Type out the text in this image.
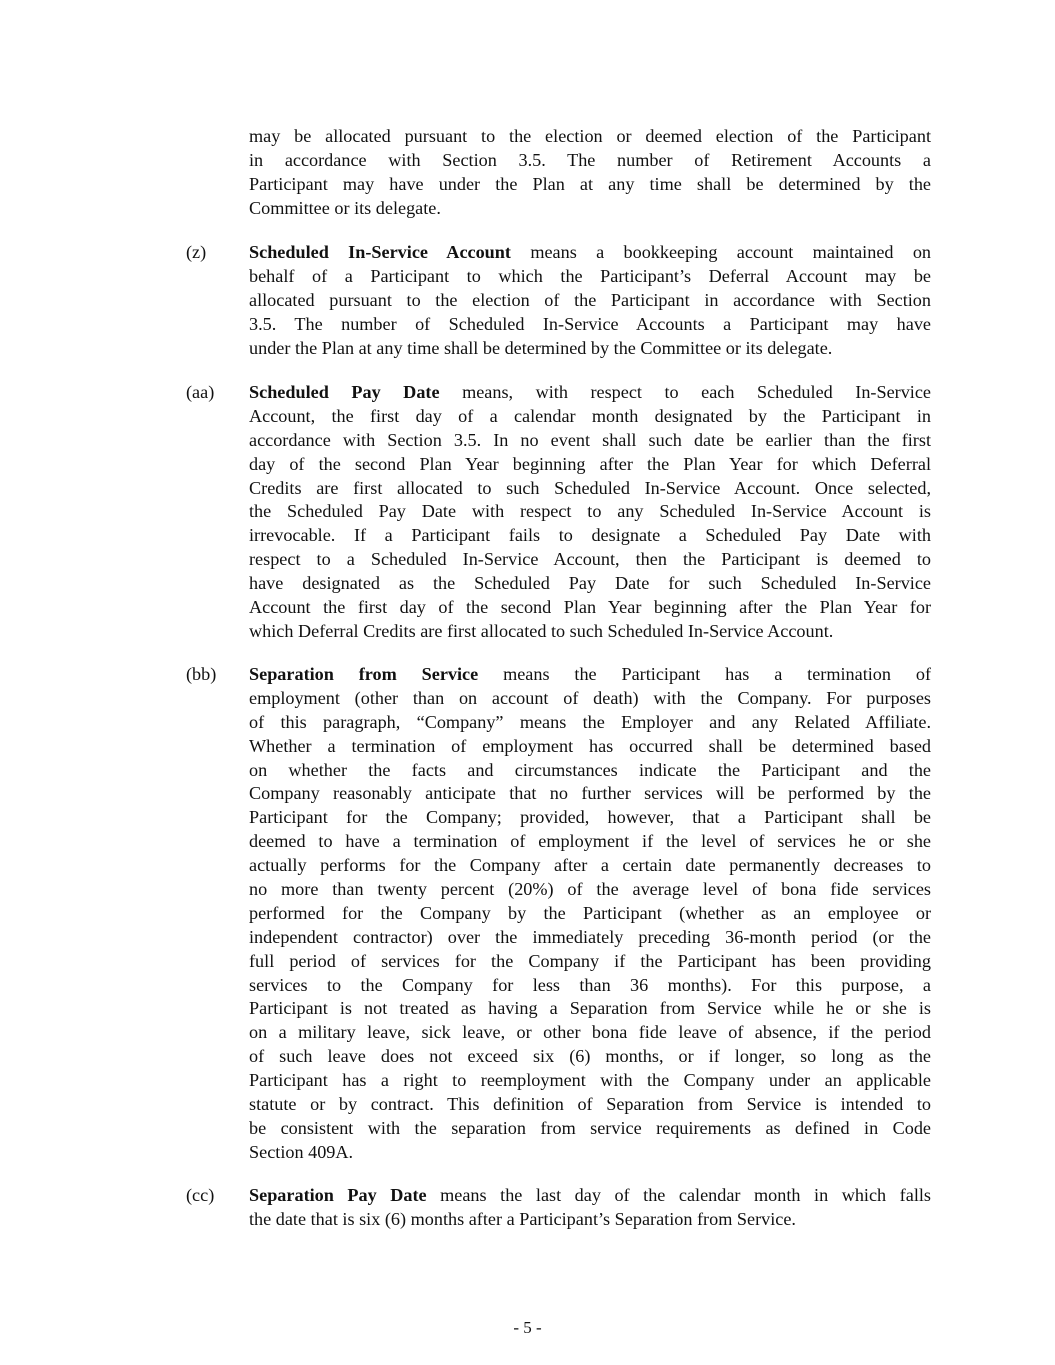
may be allocated pursuant to the election or deemed election of the Participant
in accordance with Section 3.5. The number of Retirement Accounts a
Participant may have under the Plan at any time shall be determined by the
Committee or its delegate.
(z) Scheduled In-Service Account means a bookkeeping account maintained on
behalf of a Participant to which the Participant’s Deferral Account may be
allocated pursuant to the election of the Participant in accordance with Section
3.5. The number of Scheduled In-Service Accounts a Participant may have
under the Plan at any time shall be determined by the Committee or its delegate.
(aa) Scheduled Pay Date means, with respect to each Scheduled In-Service
Account, the first day of a calendar month designated by the Participant in
accordance with Section 3.5. In no event shall such date be earlier than the first
day of the second Plan Year beginning after the Plan Year for which Deferral
Credits are first allocated to such Scheduled In-Service Account. Once selected,
the Scheduled Pay Date with respect to any Scheduled In-Service Account is
irrevocable. If a Participant fails to designate a Scheduled Pay Date with
respect to a Scheduled In-Service Account, then the Participant is deemed to
have designated as the Scheduled Pay Date for such Scheduled In-Service
Account the first day of the second Plan Year beginning after the Plan Year for
which Deferral Credits are first allocated to such Scheduled In-Service Account.
(bb) Separation from Service means the Participant has a termination of
employment (other than on account of death) with the Company. For purposes
of this paragraph, “Company” means the Employer and any Related Affiliate.
Whether a termination of employment has occurred shall be determined based
on whether the facts and circumstances indicate the Participant and the
Company reasonably anticipate that no further services will be performed by the
Participant for the Company; provided, however, that a Participant shall be
deemed to have a termination of employment if the level of services he or she
actually performs for the Company after a certain date permanently decreases to
no more than twenty percent (20%) of the average level of bona fide services
performed for the Company by the Participant (whether as an employee or
independent contractor) over the immediately preceding 36-month period (or the
full period of services for the Company if the Participant has been providing
services to the Company for less than 36 months). For this purpose, a
Participant is not treated as having a Separation from Service while he or she is
on a military leave, sick leave, or other bona fide leave of absence, if the period
of such leave does not exceed six (6) months, or if longer, so long as the
Participant has a right to reemployment with the Company under an applicable
statute or by contract. This definition of Separation from Service is intended to
be consistent with the separation from service requirements as defined in Code
Section 409A.
(cc) Separation Pay Date means the last day of the calendar month in which falls
the date that is six (6) months after a Participant’s Separation from Service.
- 5 -
